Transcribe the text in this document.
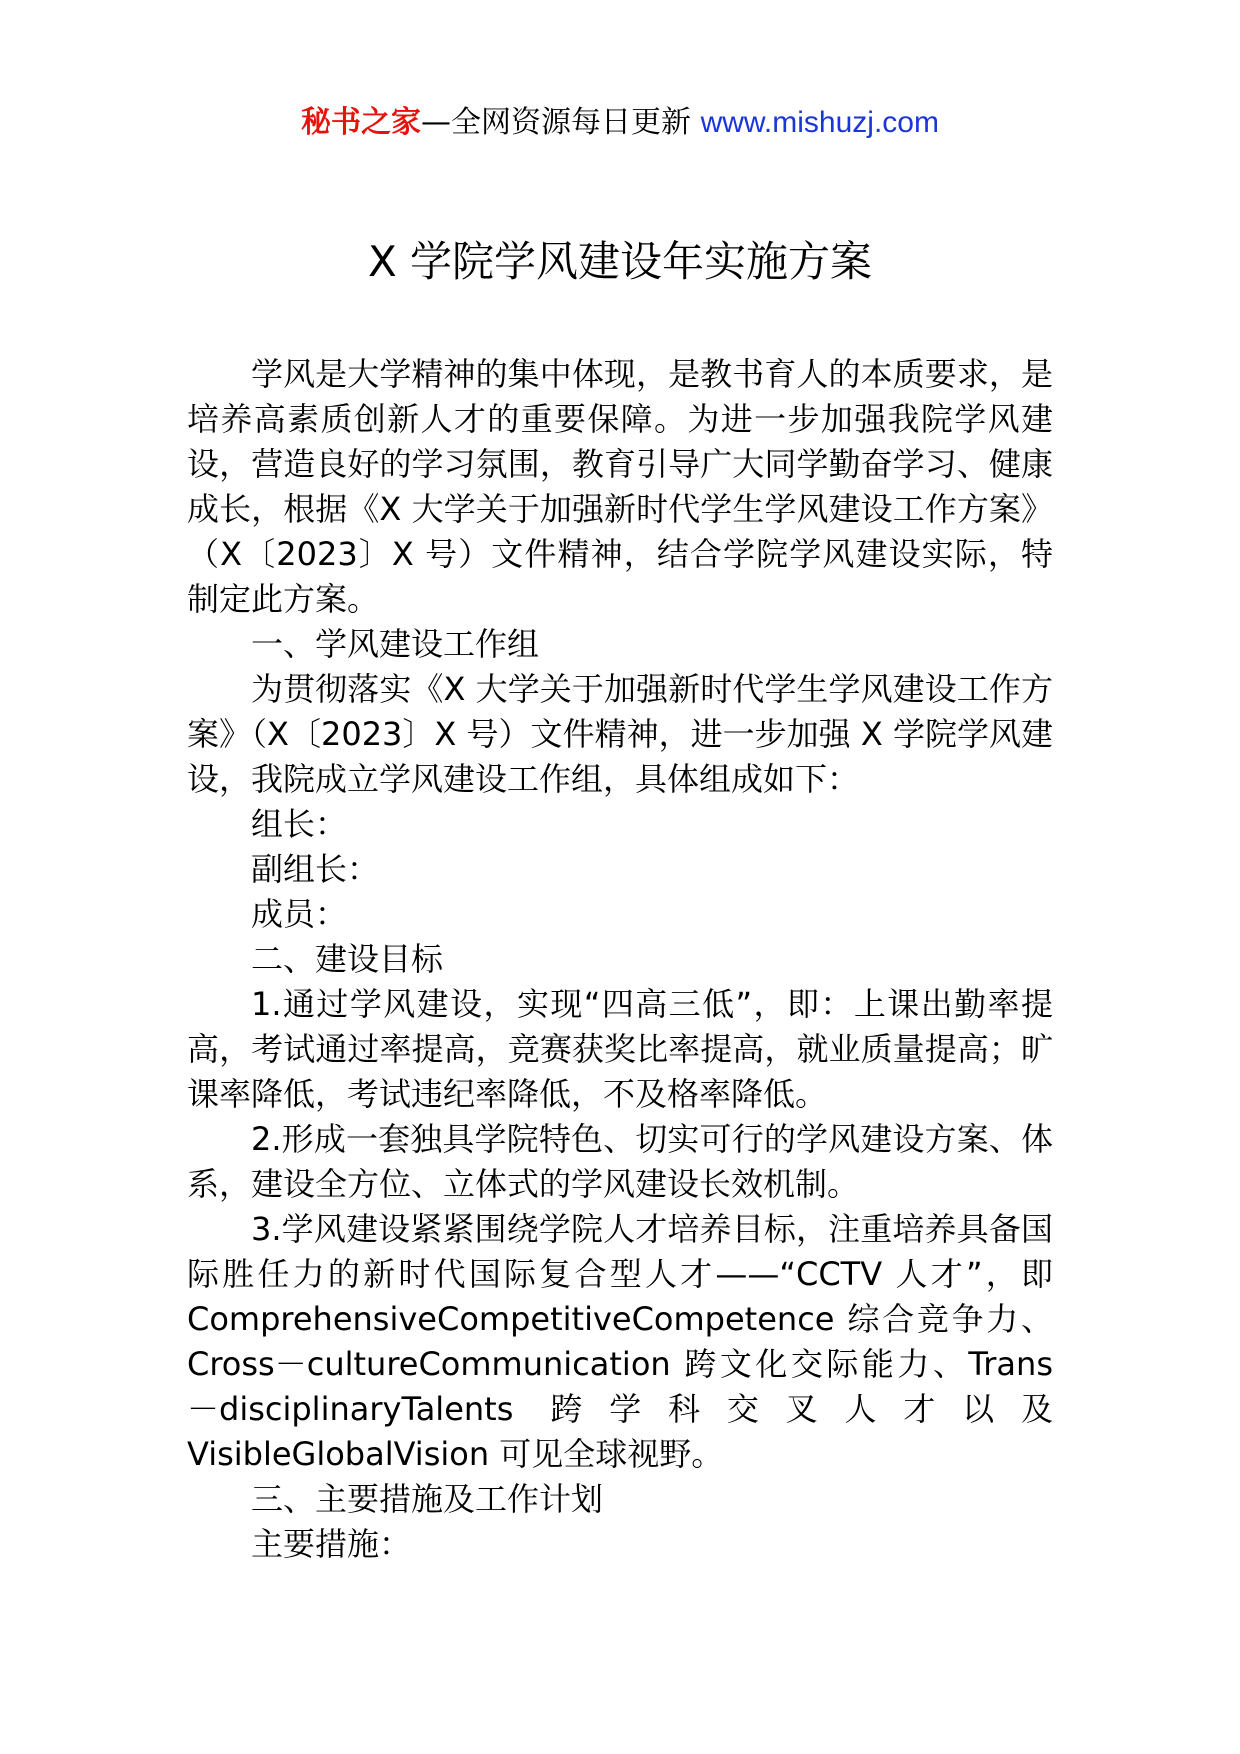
秘书之家—全网资源每日更新 www.mishuzj.com
X 学院学风建设年实施方案

学风是大学精神的集中体现，是教书育人的本质要求，是培养高素质创新人才的重要保障。为进一步加强我院学风建设，营造良好的学习氛围，教育引导广大同学勤奋学习、健康成长，根据《X 大学关于加强新时代学生学风建设工作方案》（X〔2023〕X 号）文件精神，结合学院学风建设实际，特制定此方案。

一、学风建设工作组

为贯彻落实《X 大学关于加强新时代学生学风建设工作方案》（X〔2023〕X 号）文件精神，进一步加强 X 学院学风建设，我院成立学风建设工作组，具体组成如下：

组长：

副组长：

成员：

二、建设目标

1.通过学风建设，实现“四高三低”，即：上课出勤率提高，考试通过率提高，竞赛获奖比率提高，就业质量提高；旷课率降低，考试违纪率降低，不及格率降低。

2.形成一套独具学院特色、切实可行的学风建设方案、体系，建设全方位、立体式的学风建设长效机制。

3.学风建设紧紧围绕学院人才培养目标，注重培养具备国际胜任力的新时代国际复合型人才——“CCTV 人才”，即 ComprehensiveCompetitiveCompetence 综合竞争力、Cross－cultureCommunication 跨文化交际能力、Trans－disciplinaryTalents 跨学科交叉人才以及 VisibleGlobalVision 可见全球视野。

三、主要措施及工作计划

主要措施：
